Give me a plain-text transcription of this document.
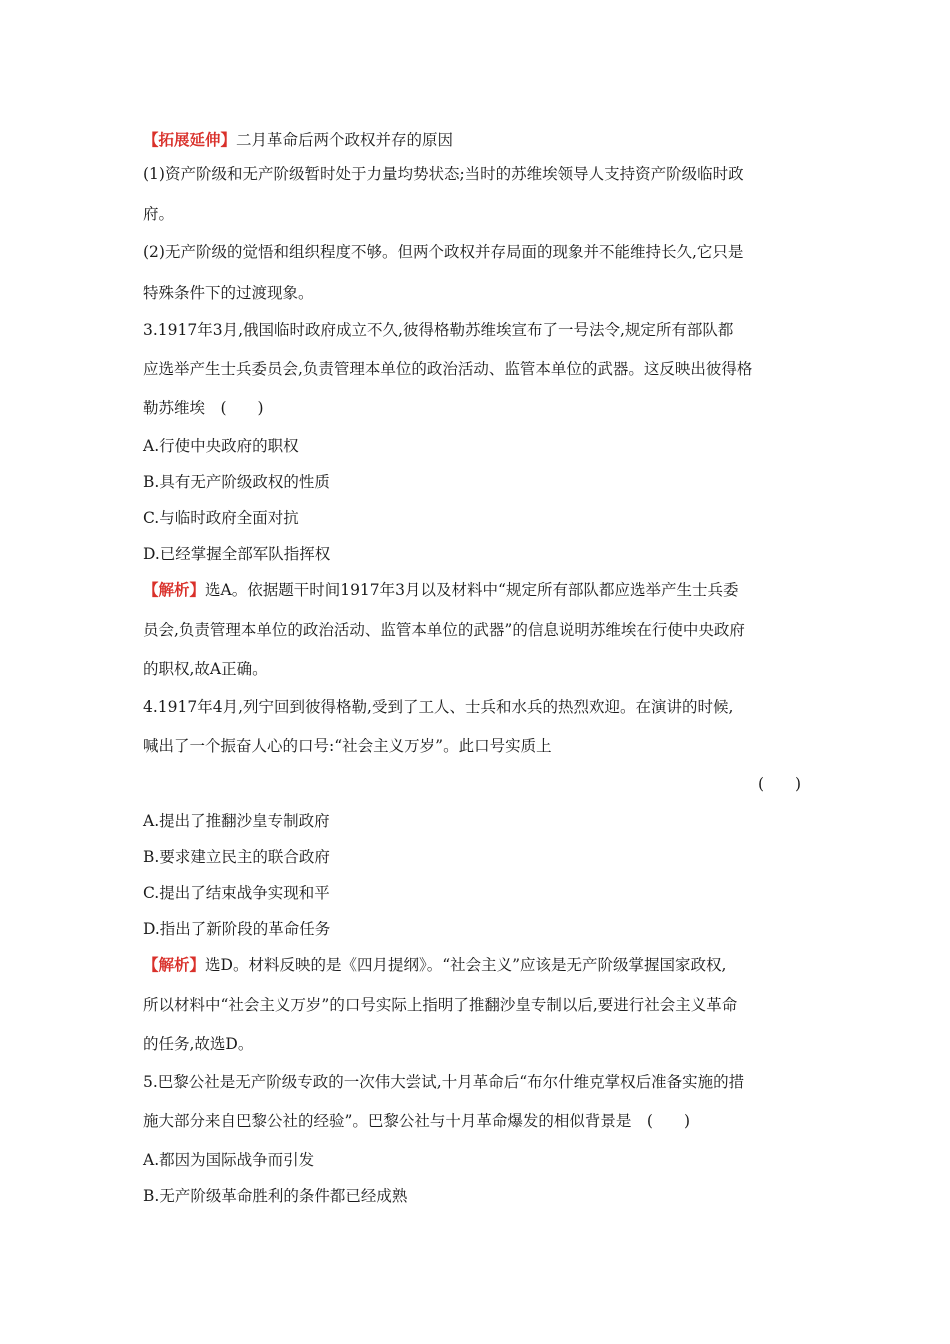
【拓展延伸】二月革命后两个政权并存的原因
(1)资产阶级和无产阶级暂时处于力量均势状态;当时的苏维埃领导人支持资产阶级临时政
府。
(2)无产阶级的觉悟和组织程度不够。但两个政权并存局面的现象并不能维持长久,它只是
特殊条件下的过渡现象。
3.1917年3月,俄国临时政府成立不久,彼得格勒苏维埃宣布了一号法令,规定所有部队都
应选举产生士兵委员会,负责管理本单位的政治活动、监管本单位的武器。这反映出彼得格
勒苏维埃　(　　)
A.行使中央政府的职权
B.具有无产阶级政权的性质
C.与临时政府全面对抗
D.已经掌握全部军队指挥权
【解析】选A。依据题干时间1917年3月以及材料中“规定所有部队都应选举产生士兵委
员会,负责管理本单位的政治活动、监管本单位的武器”的信息说明苏维埃在行使中央政府
的职权,故A正确。
4.1917年4月,列宁回到彼得格勒,受到了工人、士兵和水兵的热烈欢迎。在演讲的时候,
喊出了一个振奋人心的口号:“社会主义万岁”。此口号实质上
(　　)
A.提出了推翻沙皇专制政府
B.要求建立民主的联合政府
C.提出了结束战争实现和平
D.指出了新阶段的革命任务
【解析】选D。材料反映的是《四月提纲》。“社会主义”应该是无产阶级掌握国家政权,
所以材料中“社会主义万岁”的口号实际上指明了推翻沙皇专制以后,要进行社会主义革命
的任务,故选D。
5.巴黎公社是无产阶级专政的一次伟大尝试,十月革命后“布尔什维克掌权后准备实施的措
施大部分来自巴黎公社的经验”。巴黎公社与十月革命爆发的相似背景是　(　　)
A.都因为国际战争而引发
B.无产阶级革命胜利的条件都已经成熟
